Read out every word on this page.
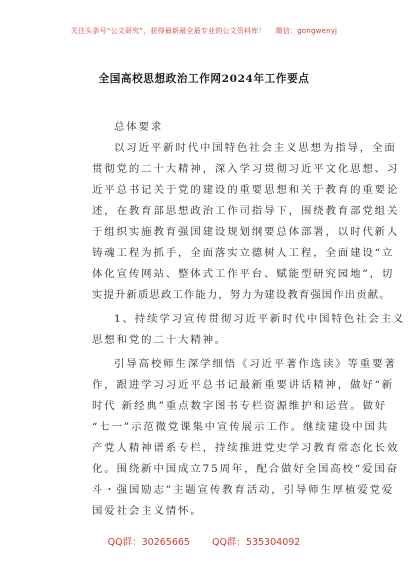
关注头条号“公文研究”，获得最新最全最专业的公文资料库！ 微信：gongwenyj
全国高校思想政治工作网2024年工作要点
总体要求
以习近平新时代中国特色社会主义思想为指导，全面
贯彻党的二十大精神，深入学习贯彻习近平文化思想、习
近平总书记关于党的建设的重要思想和关于教育的重要论
述，在教育部思想政治工作司指导下，围绕教育部党组关
于组织实施教育强国建设规划纲要总体部署，以时代新人
铸魂工程为抓手，全面落实立德树人工程，全面建设“立
体化宣传网站、整体式工作平台、赋能型研究园地”，切
实提升新质思政工作能力，努力为建设教育强国作出贡献。
1、持续学习宣传贯彻习近平新时代中国特色社会主义
思想和党的二十大精神。
引导高校师生深学细悟《习近平著作选读》等重要著
作，跟进学习习近平总书记最新重要讲话精神，做好“新
时代 新经典”重点数字图书专栏资源维护和运营。做好
“七一”示范微党课集中宣传展示工作。继续建设中国共
产党人精神谱系专栏，持续推进党史学习教育常态化长效
化。围绕新中国成立75周年，配合做好全国高校“爱国奋
斗・强国励志”主题宣传教育活动，引导师生厚植爱党爱
国爱社会主义情怀。
QQ群：30265665 QQ群：535304092
